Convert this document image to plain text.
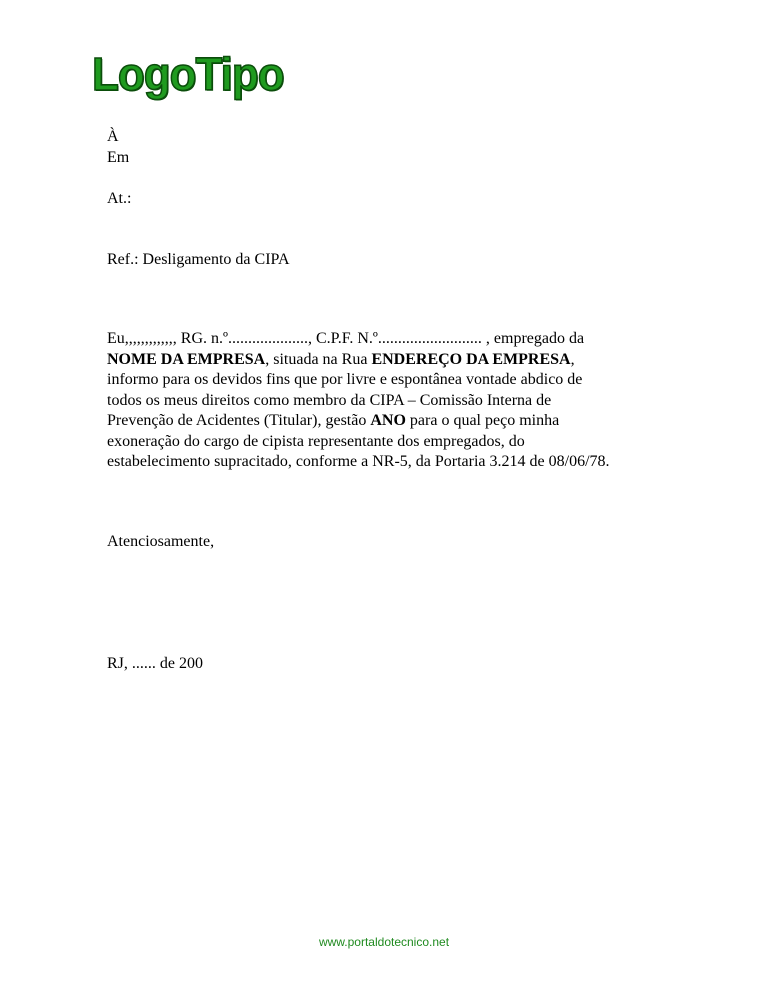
LogoTipo
À
Em
At.:
Ref.: Desligamento da CIPA
Eu,,,,,,,,,,,,, RG. n.º...................., C.P.F. N.º.......................... , empregado da
NOME DA EMPRESA, situada na Rua ENDEREÇO DA EMPRESA,
informo para os devidos fins que por livre e espontânea vontade abdico de
todos os meus direitos como membro da CIPA – Comissão Interna de
Prevenção de Acidentes (Titular), gestão ANO para o qual peço minha
exoneração do cargo de cipista representante dos empregados, do
estabelecimento supracitado, conforme a NR-5, da Portaria 3.214 de 08/06/78.
Atenciosamente,
RJ, ...... de 200
www.portaldotecnico.net
